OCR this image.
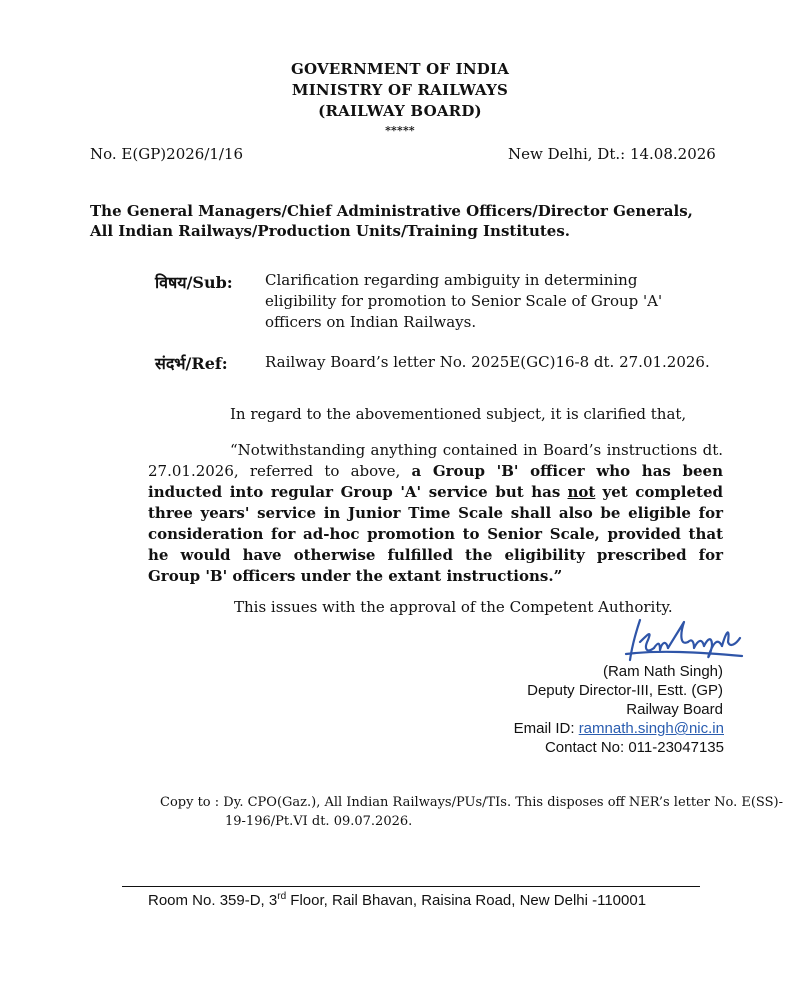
GOVERNMENT OF INDIA
MINISTRY OF RAILWAYS
(RAILWAY BOARD)
*****
No. E(GP)2026/1/16	New Delhi, Dt.: 14.08.2026
The General Managers/Chief Administrative Officers/Director Generals,
All Indian Railways/Production Units/Training Institutes.
विषय/Sub: Clarification regarding ambiguity in determining eligibility for promotion to Senior Scale of Group 'A' officers on Indian Railways.
संदर्भ/Ref: Railway Board’s letter No. 2025E(GC)16-8 dt. 27.01.2026.
In regard to the abovementioned subject, it is clarified that,
“Notwithstanding anything contained in Board’s instructions dt. 27.01.2026, referred to above, a Group 'B' officer who has been inducted into regular Group 'A' service but has not yet completed three years' service in Junior Time Scale shall also be eligible for consideration for ad-hoc promotion to Senior Scale, provided that he would have otherwise fulfilled the eligibility prescribed for Group 'B' officers under the extant instructions.”
This issues with the approval of the Competent Authority.
(Ram Nath Singh)
Deputy Director-III, Estt. (GP)
Railway Board
Email ID: ramnath.singh@nic.in
Contact No: 011-23047135
Copy to : Dy. CPO(Gaz.), All Indian Railways/PUs/TIs. This disposes off NER’s letter No. E(SS)-
19-196/Pt.VI dt. 09.07.2026.
Room No. 359-D, 3rd Floor, Rail Bhavan, Raisina Road, New Delhi -110001
